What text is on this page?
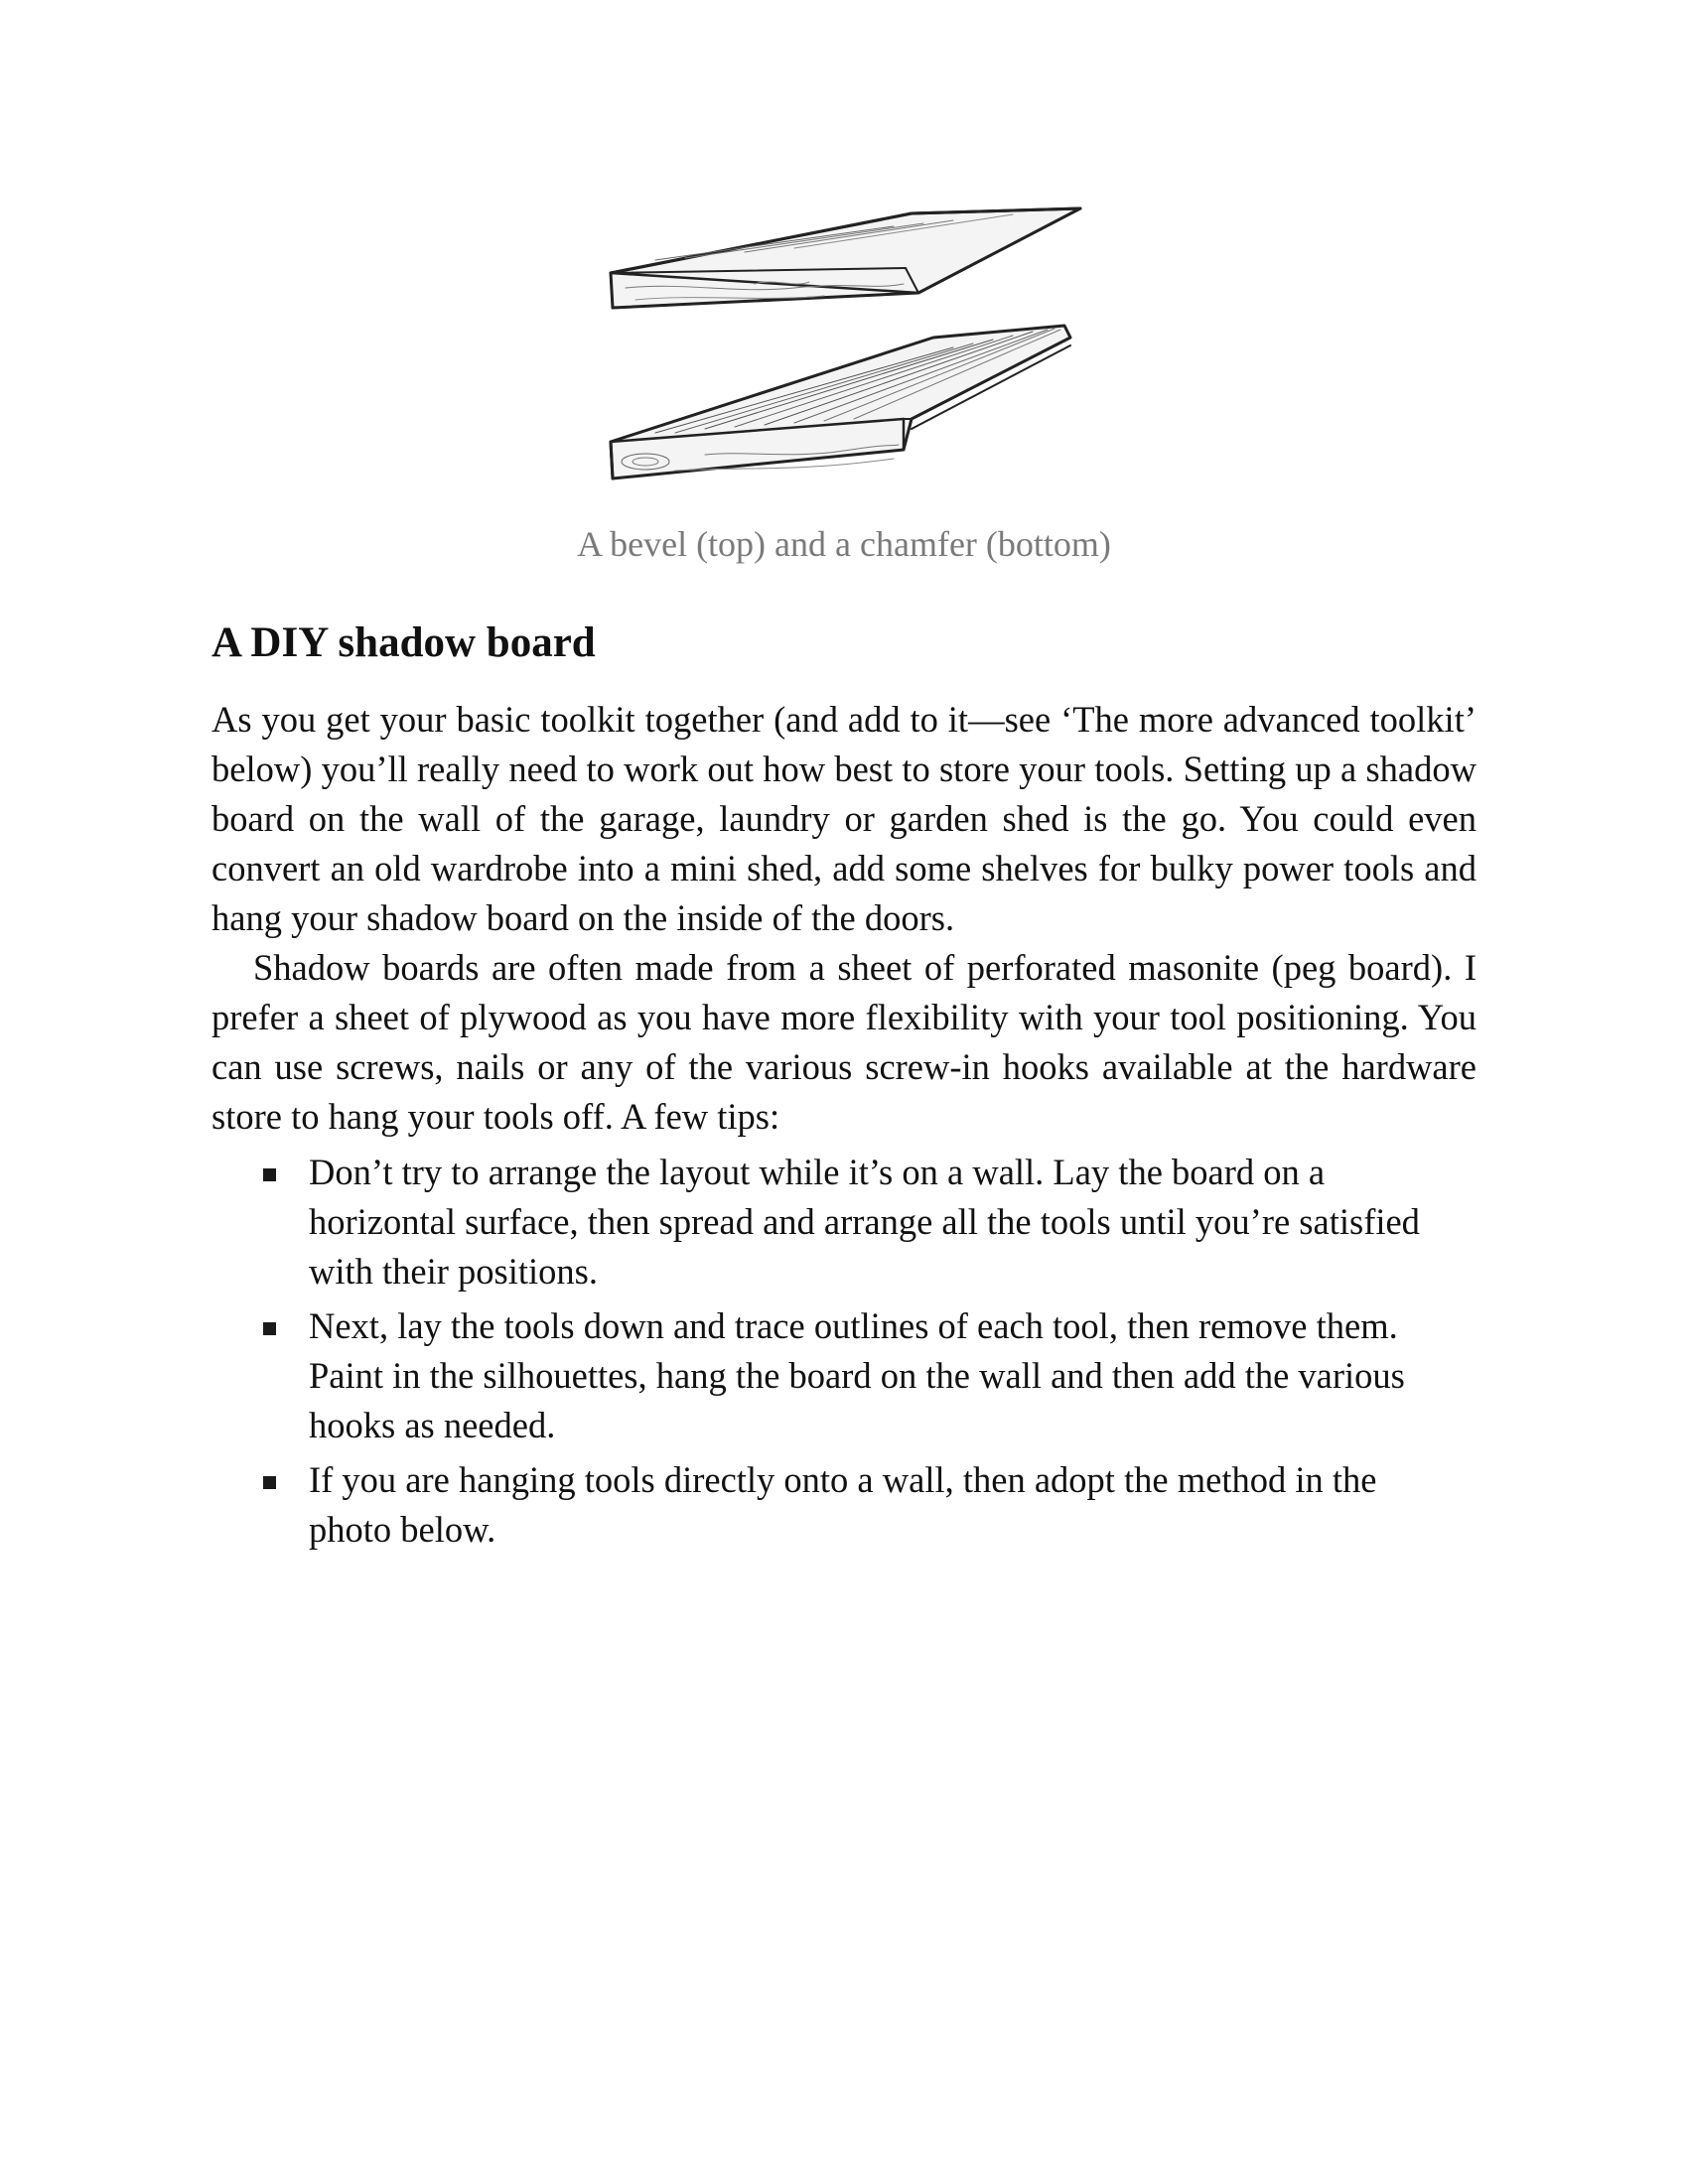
A bevel (top) and a chamfer (bottom)
A DIY shadow board

As you get your basic toolkit together (and add to it—see ‘The more advanced toolkit’ below) you’ll really need to work out how best to store your tools. Setting up a shadow board on the wall of the garage, laundry or garden shed is the go. You could even convert an old wardrobe into a mini shed, add some shelves for bulky power tools and hang your shadow board on the inside of the doors.

Shadow boards are often made from a sheet of perforated masonite (peg board). I prefer a sheet of plywood as you have more flexibility with your tool positioning. You can use screws, nails or any of the various screw-in hooks available at the hardware store to hang your tools off. A few tips:

Don’t try to arrange the layout while it’s on a wall. Lay the board on a horizontal surface, then spread and arrange all the tools until you’re satisfied with their positions.
Next, lay the tools down and trace outlines of each tool, then remove them. Paint in the silhouettes, hang the board on the wall and then add the various hooks as needed.
If you are hanging tools directly onto a wall, then adopt the method in the photo below.
